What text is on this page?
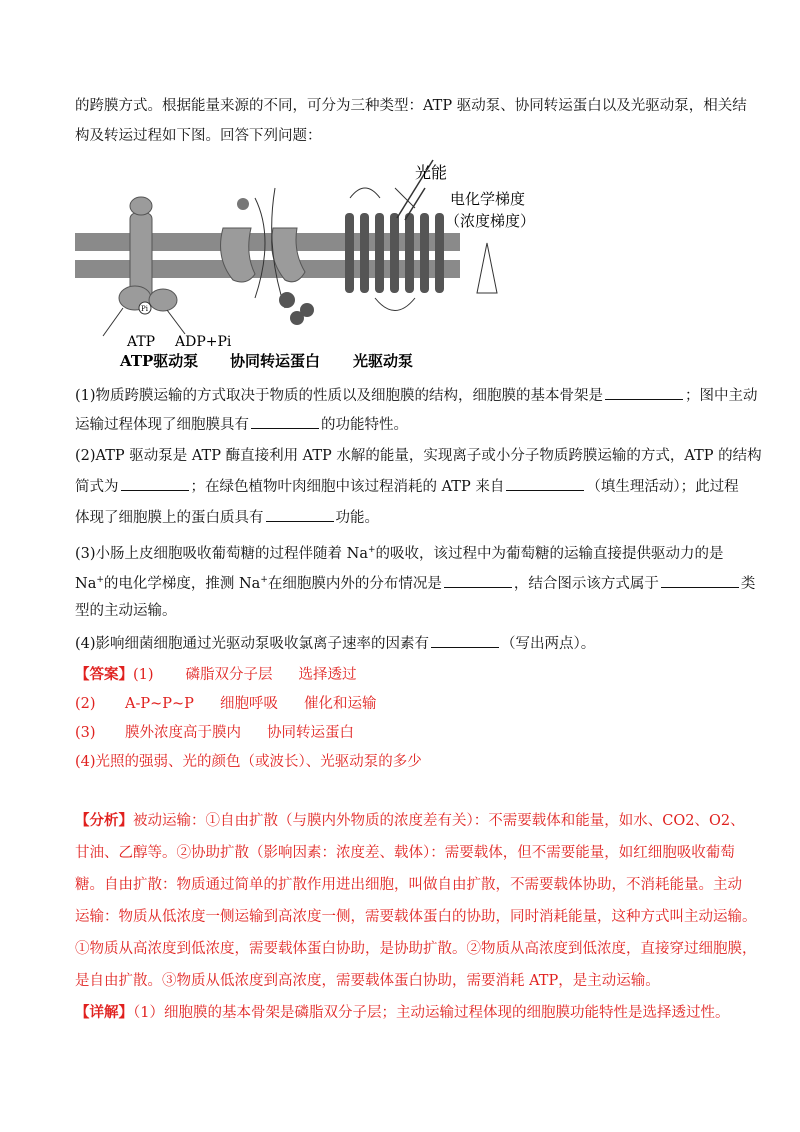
的跨膜方式。根据能量来源的不同，可分为三种类型：ATP 驱动泵、协同转运蛋白以及光驱动泵，相关结
构及转运过程如下图。回答下列问题：
Pi
光能
电化学梯度
（浓度梯度）
ATP ADP+Pi
ATP驱动泵 协同转运蛋白 光驱动泵
(1)物质跨膜运输的方式取决于物质的性质以及细胞膜的结构，细胞膜的基本骨架是	；图中主动
运输过程体现了细胞膜具有	的功能特性。
(2)ATP 驱动泵是 ATP 酶直接利用 ATP 水解的能量，实现离子或小分子物质跨膜运输的方式，ATP 的结构
简式为	；在绿色植物叶肉细胞中该过程消耗的 ATP 来自	（填生理活动）；此过程
体现了细胞膜上的蛋白质具有	功能。
(3)小肠上皮细胞吸收葡萄糖的过程伴随着 Na+的吸收，该过程中为葡萄糖的运输直接提供驱动力的是
Na+的电化学梯度，推测 Na+在细胞膜内外的分布情况是	，结合图示该方式属于	类
型的主动运输。
(4)影响细菌细胞通过光驱动泵吸收氯离子速率的因素有	（写出两点）。
【答案】(1) 磷脂双分子层 选择透过
(2) A-P~P~P 细胞呼吸 催化和运输
(3) 膜外浓度高于膜内 协同转运蛋白
(4)光照的强弱、光的颜色（或波长）、光驱动泵的多少
【分析】被动运输：①自由扩散（与膜内外物质的浓度差有关）：不需要载体和能量，如水、CO2、O2、
甘油、乙醇等。②协助扩散（影响因素：浓度差、载体）：需要载体，但不需要能量，如红细胞吸收葡萄
糖。自由扩散：物质通过简单的扩散作用进出细胞，叫做自由扩散，不需要载体协助，不消耗能量。主动
运输：物质从低浓度一侧运输到高浓度一侧，需要载体蛋白的协助，同时消耗能量，这种方式叫主动运输。
①物质从高浓度到低浓度，需要载体蛋白协助，是协助扩散。②物质从高浓度到低浓度，直接穿过细胞膜，
是自由扩散。③物质从低浓度到高浓度，需要载体蛋白协助，需要消耗 ATP，是主动运输。
【详解】（1）细胞膜的基本骨架是磷脂双分子层；主动运输过程体现的细胞膜功能特性是选择透过性。
